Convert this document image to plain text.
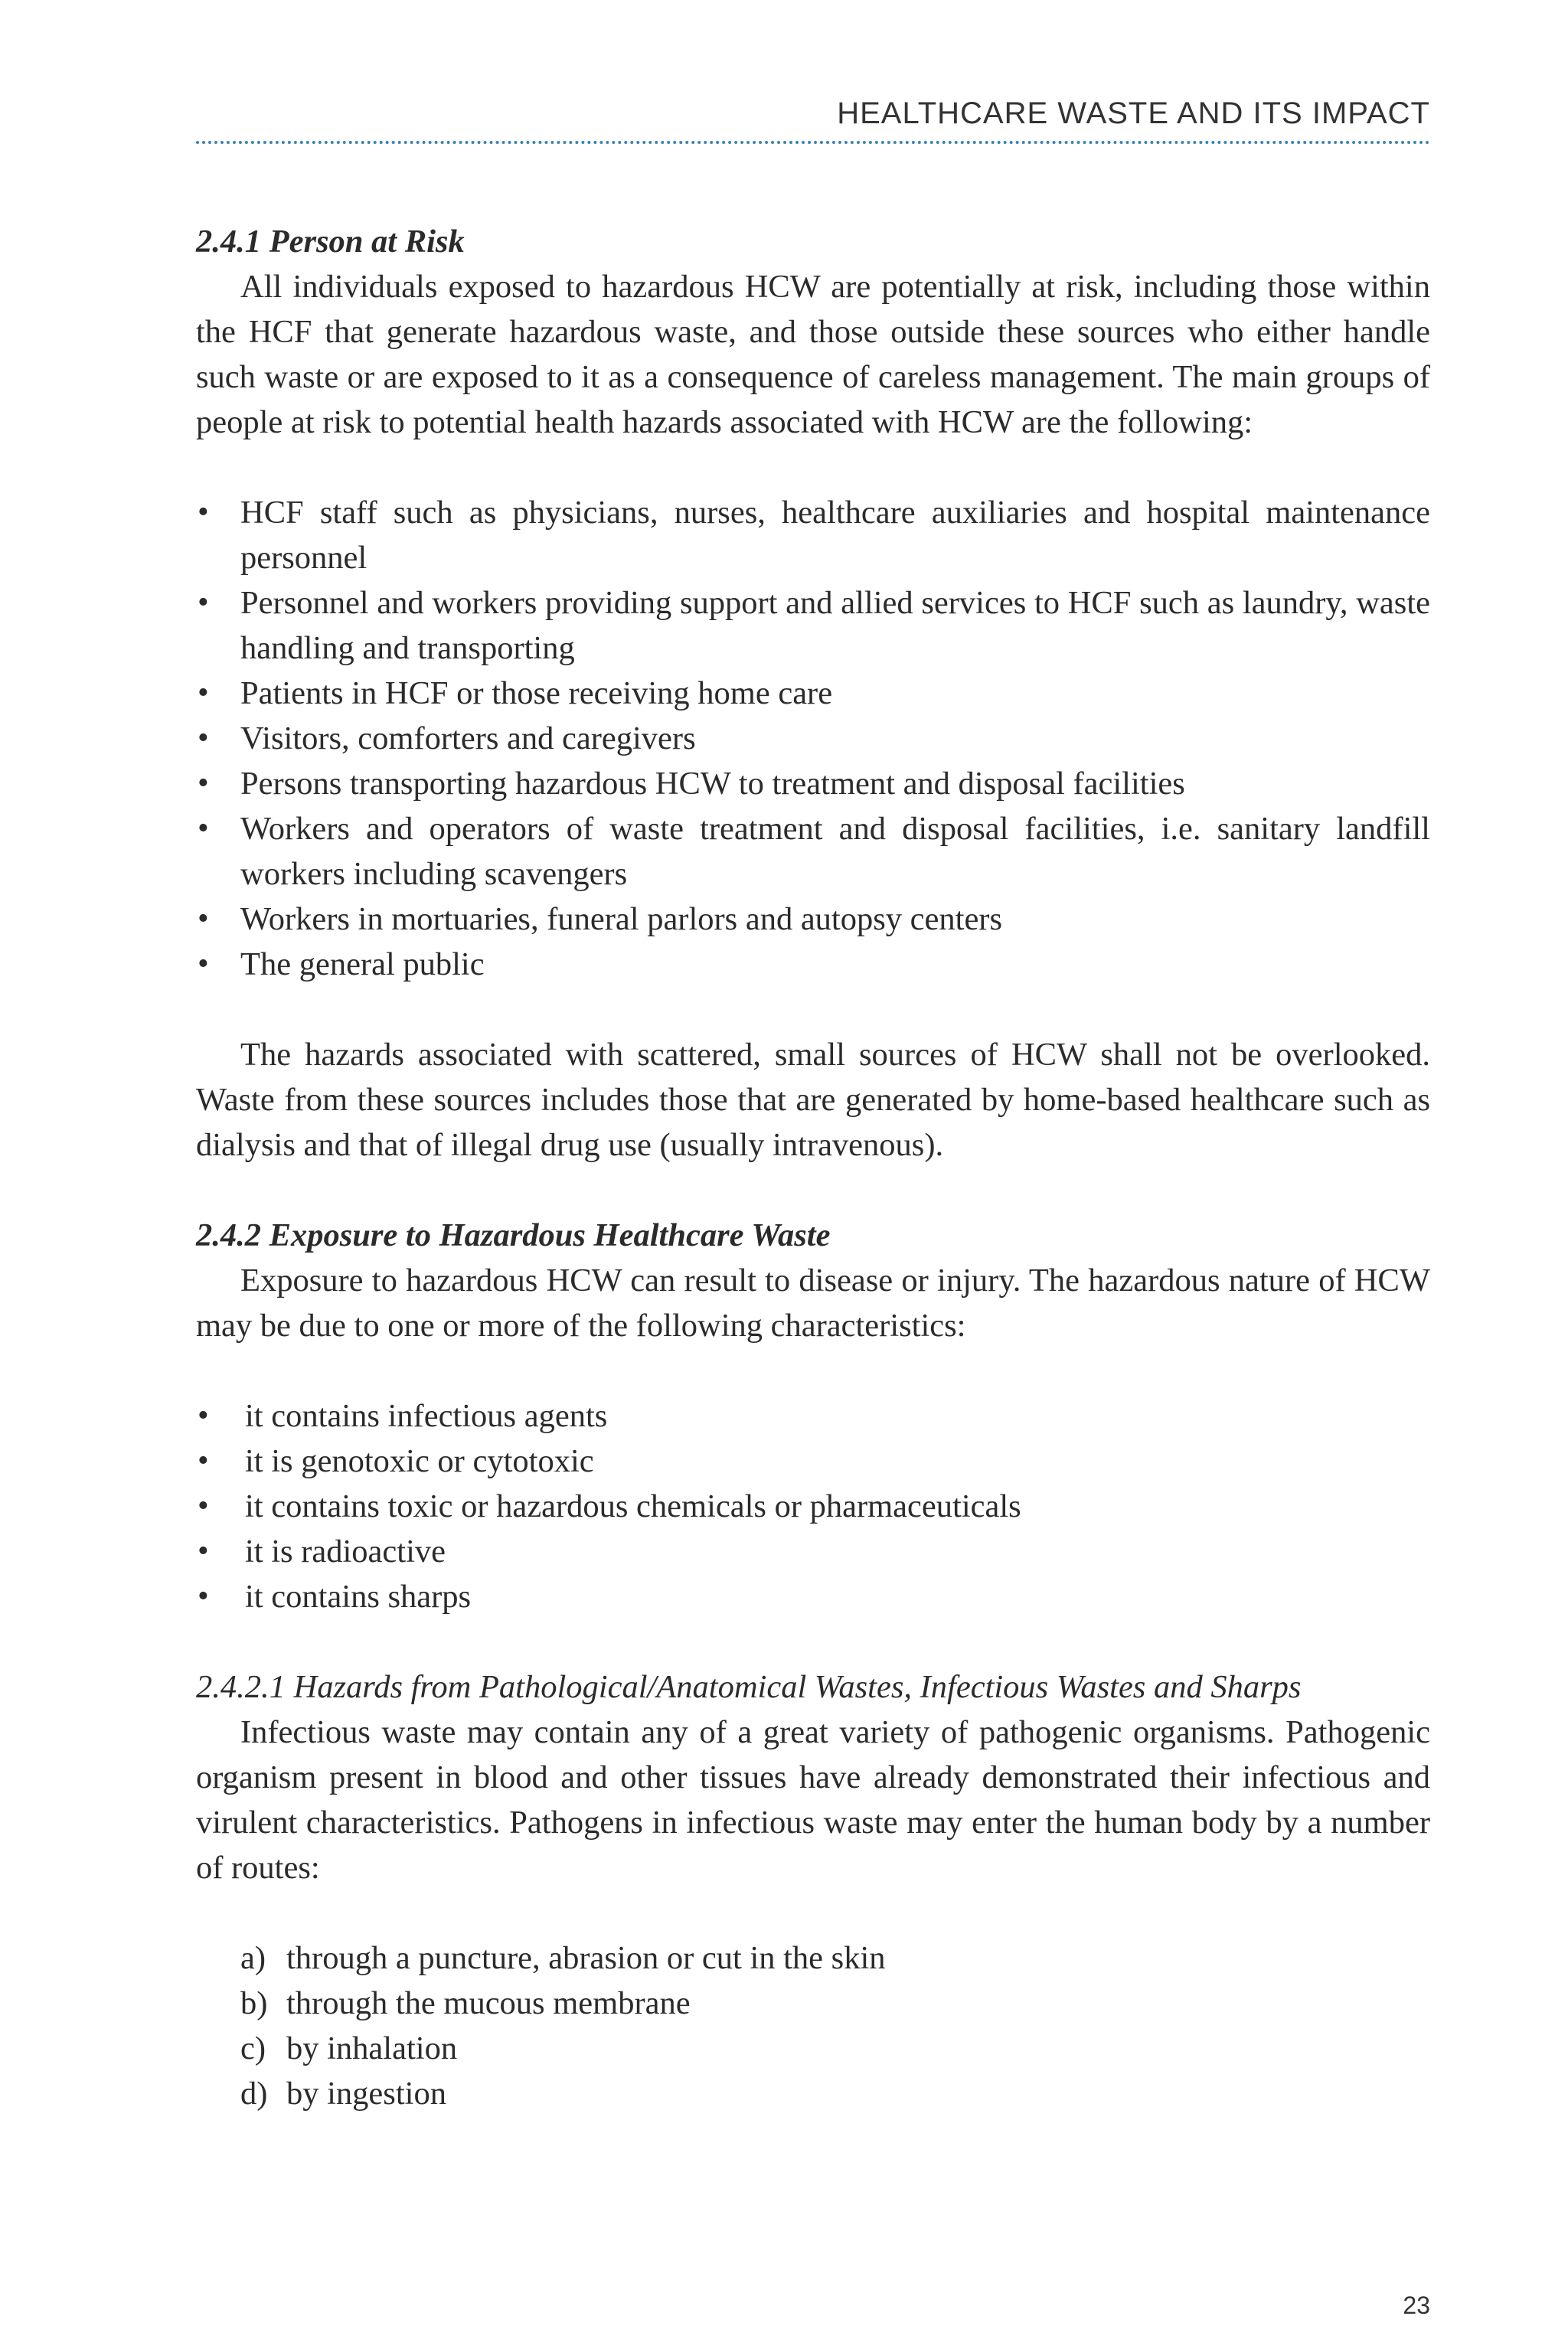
HEALTHCARE WASTE AND ITS IMPACT
2.4.1 Person at Risk

All individuals exposed to hazardous HCW are potentially at risk, including those within the HCF that generate hazardous waste, and those outside these sources who either handle such waste or are exposed to it as a consequence of careless management. The main groups of people at risk to potential health hazards associated with HCW are the following:

• HCF staff such as physicians, nurses, healthcare auxiliaries and hospital maintenance personnel
• Personnel and workers providing support and allied services to HCF such as laundry, waste handling and transporting
• Patients in HCF or those receiving home care
• Visitors, comforters and caregivers
• Persons transporting hazardous HCW to treatment and disposal facilities
• Workers and operators of waste treatment and disposal facilities, i.e. sanitary landfill workers including scavengers
• Workers in mortuaries, funeral parlors and autopsy centers
• The general public

The hazards associated with scattered, small sources of HCW shall not be overlooked. Waste from these sources includes those that are generated by home-based healthcare such as dialysis and that of illegal drug use (usually intravenous).

2.4.2 Exposure to Hazardous Healthcare Waste

Exposure to hazardous HCW can result to disease or injury. The hazardous nature of HCW may be due to one or more of the following characteristics:

• it contains infectious agents
• it is genotoxic or cytotoxic
• it contains toxic or hazardous chemicals or pharmaceuticals
• it is radioactive
• it contains sharps
2.4.2.1 Hazards from Pathological/Anatomical Wastes, Infectious Wastes and Sharps

Infectious waste may contain any of a great variety of pathogenic organisms. Pathogenic organism present in blood and other tissues have already demonstrated their infectious and virulent characteristics. Pathogens in infectious waste may enter the human body by a number of routes:

a) through a puncture, abrasion or cut in the skin
b) through the mucous membrane
c) by inhalation
d) by ingestion
23
